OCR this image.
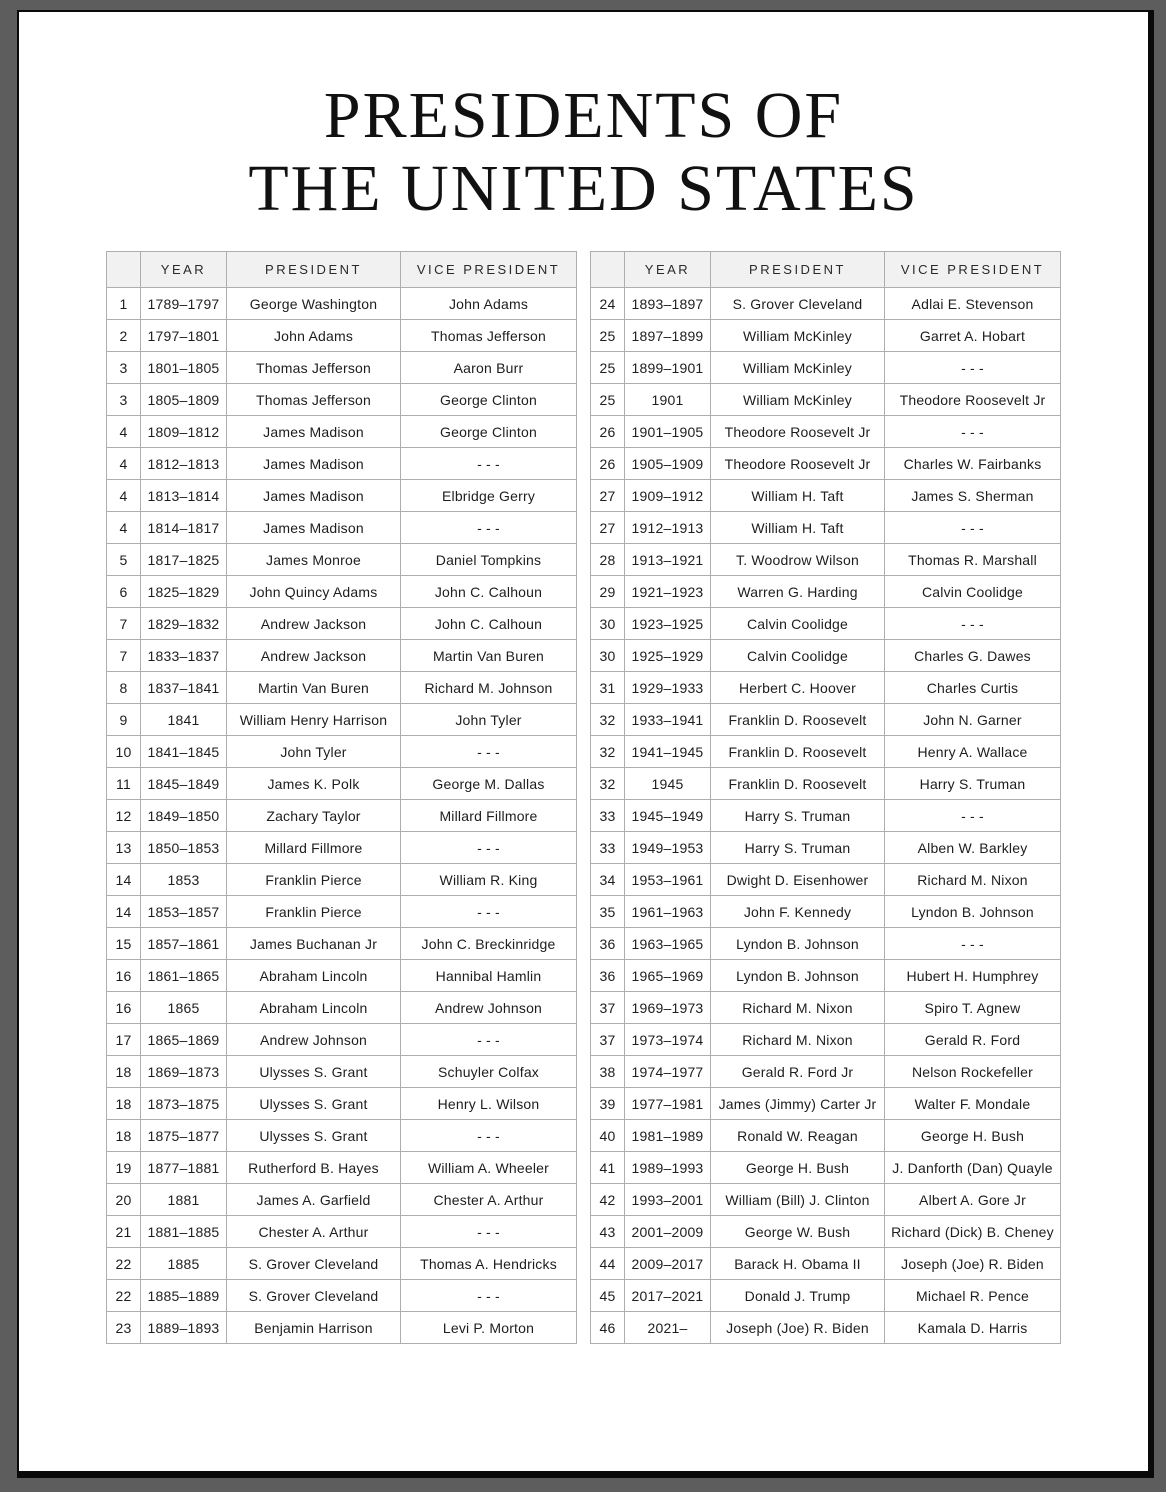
PRESIDENTS OF
THE UNITED STATES
	YEAR	PRESIDENT	VICE PRESIDENT
1	1789–1797	George Washington	John Adams
2	1797–1801	John Adams	Thomas Jefferson
3	1801–1805	Thomas Jefferson	Aaron Burr
3	1805–1809	Thomas Jefferson	George Clinton
4	1809–1812	James Madison	George Clinton
4	1812–1813	James Madison	- - -
4	1813–1814	James Madison	Elbridge Gerry
4	1814–1817	James Madison	- - -
5	1817–1825	James Monroe	Daniel Tompkins
6	1825–1829	John Quincy Adams	John C. Calhoun
7	1829–1832	Andrew Jackson	John C. Calhoun
7	1833–1837	Andrew Jackson	Martin Van Buren
8	1837–1841	Martin Van Buren	Richard M. Johnson
9	1841	William Henry Harrison	John Tyler
10	1841–1845	John Tyler	- - -
11	1845–1849	James K. Polk	George M. Dallas
12	1849–1850	Zachary Taylor	Millard Fillmore
13	1850–1853	Millard Fillmore	- - -
14	1853	Franklin Pierce	William R. King
14	1853–1857	Franklin Pierce	- - -
15	1857–1861	James Buchanan Jr	John C. Breckinridge
16	1861–1865	Abraham Lincoln	Hannibal Hamlin
16	1865	Abraham Lincoln	Andrew Johnson
17	1865–1869	Andrew Johnson	- - -
18	1869–1873	Ulysses S. Grant	Schuyler Colfax
18	1873–1875	Ulysses S. Grant	Henry L. Wilson
18	1875–1877	Ulysses S. Grant	- - -
19	1877–1881	Rutherford B. Hayes	William A. Wheeler
20	1881	James A. Garfield	Chester A. Arthur
21	1881–1885	Chester A. Arthur	- - -
22	1885	S. Grover Cleveland	Thomas A. Hendricks
22	1885–1889	S. Grover Cleveland	- - -
23	1889–1893	Benjamin Harrison	Levi P. Morton
	YEAR	PRESIDENT	VICE PRESIDENT
24	1893–1897	S. Grover Cleveland	Adlai E. Stevenson
25	1897–1899	William McKinley	Garret A. Hobart
25	1899–1901	William McKinley	- - -
25	1901	William McKinley	Theodore Roosevelt Jr
26	1901–1905	Theodore Roosevelt Jr	- - -
26	1905–1909	Theodore Roosevelt Jr	Charles W. Fairbanks
27	1909–1912	William H. Taft	James S. Sherman
27	1912–1913	William H. Taft	- - -
28	1913–1921	T. Woodrow Wilson	Thomas R. Marshall
29	1921–1923	Warren G. Harding	Calvin Coolidge
30	1923–1925	Calvin Coolidge	- - -
30	1925–1929	Calvin Coolidge	Charles G. Dawes
31	1929–1933	Herbert C. Hoover	Charles Curtis
32	1933–1941	Franklin D. Roosevelt	John N. Garner
32	1941–1945	Franklin D. Roosevelt	Henry A. Wallace
32	1945	Franklin D. Roosevelt	Harry S. Truman
33	1945–1949	Harry S. Truman	- - -
33	1949–1953	Harry S. Truman	Alben W. Barkley
34	1953–1961	Dwight D. Eisenhower	Richard M. Nixon
35	1961–1963	John F. Kennedy	Lyndon B. Johnson
36	1963–1965	Lyndon B. Johnson	- - -
36	1965–1969	Lyndon B. Johnson	Hubert H. Humphrey
37	1969–1973	Richard M. Nixon	Spiro T. Agnew
37	1973–1974	Richard M. Nixon	Gerald R. Ford
38	1974–1977	Gerald R. Ford Jr	Nelson Rockefeller
39	1977–1981	James (Jimmy) Carter Jr	Walter F. Mondale
40	1981–1989	Ronald W. Reagan	George H. Bush
41	1989–1993	George H. Bush	J. Danforth (Dan) Quayle
42	1993–2001	William (Bill) J. Clinton	Albert A. Gore Jr
43	2001–2009	George W. Bush	Richard (Dick) B. Cheney
44	2009–2017	Barack H. Obama II	Joseph (Joe) R. Biden
45	2017–2021	Donald J. Trump	Michael R. Pence
46	2021–	Joseph (Joe) R. Biden	Kamala D. Harris
